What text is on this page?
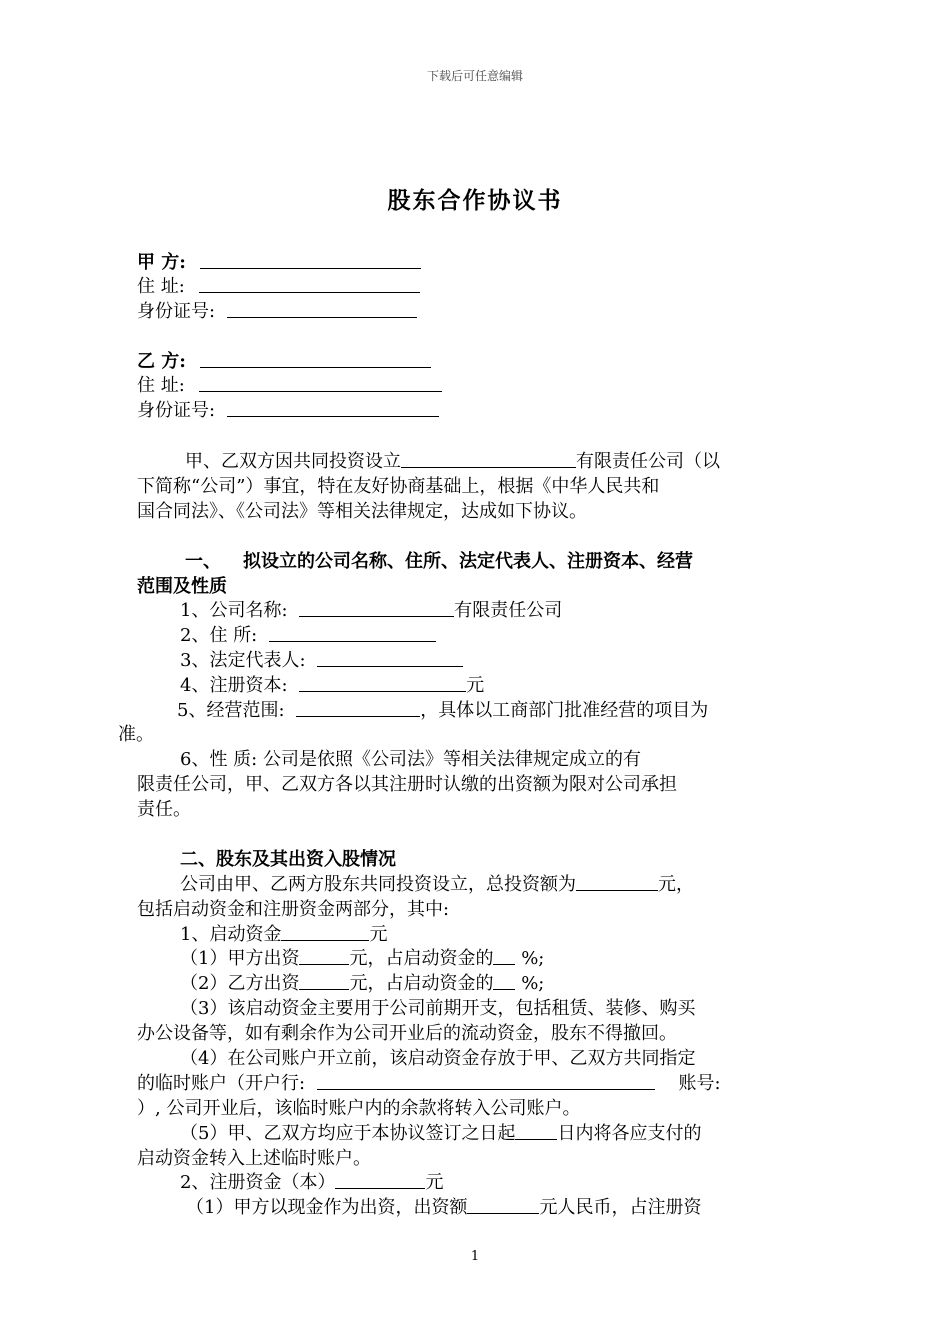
下载后可任意编辑
股东合作协议书
甲 方:
住 址:
身份证号:
乙 方:
住 址:
身份证号:
甲、乙双方因共同投资设立	有限责任公司（以
下简称“公司”）事宜，特在友好协商基础上，根据《中华人民共和
国合同法》、《公司法》等相关法律规定，达成如下协议。
一、 拟设立的公司名称、住所、法定代表人、注册资本、经营
范围及性质
1、公司名称:	有限责任公司
2、住 所:
3、法定代表人:
4、注册资本:	元
5、经营范围:	，具体以工商部门批准经营的项目为
准。
6、性 质: 公司是依照《公司法》等相关法律规定成立的有
限责任公司，甲、乙双方各以其注册时认缴的出资额为限对公司承担
责任。
二、股东及其出资入股情况
公司由甲、乙两方股东共同投资设立，总投资额为	元，
包括启动资金和注册资金两部分，其中:
1、启动资金	元
（1）甲方出资	元，占启动资金的 %;
（2）乙方出资	元，占启动资金的 %;
（3）该启动资金主要用于公司前期开支，包括租赁、装修、购买
办公设备等，如有剩余作为公司开业后的流动资金，股东不得撤回。
（4）在公司账户开立前，该启动资金存放于甲、乙双方共同指定
的临时账户（开户行:	账号:
）, 公司开业后，该临时账户内的余款将转入公司账户。
（5）甲、乙双方均应于本协议签订之日起 日内将各应支付的
启动资金转入上述临时账户。
2、注册资金（本）	元
（1）甲方以现金作为出资，出资额	元人民币，占注册资
1
